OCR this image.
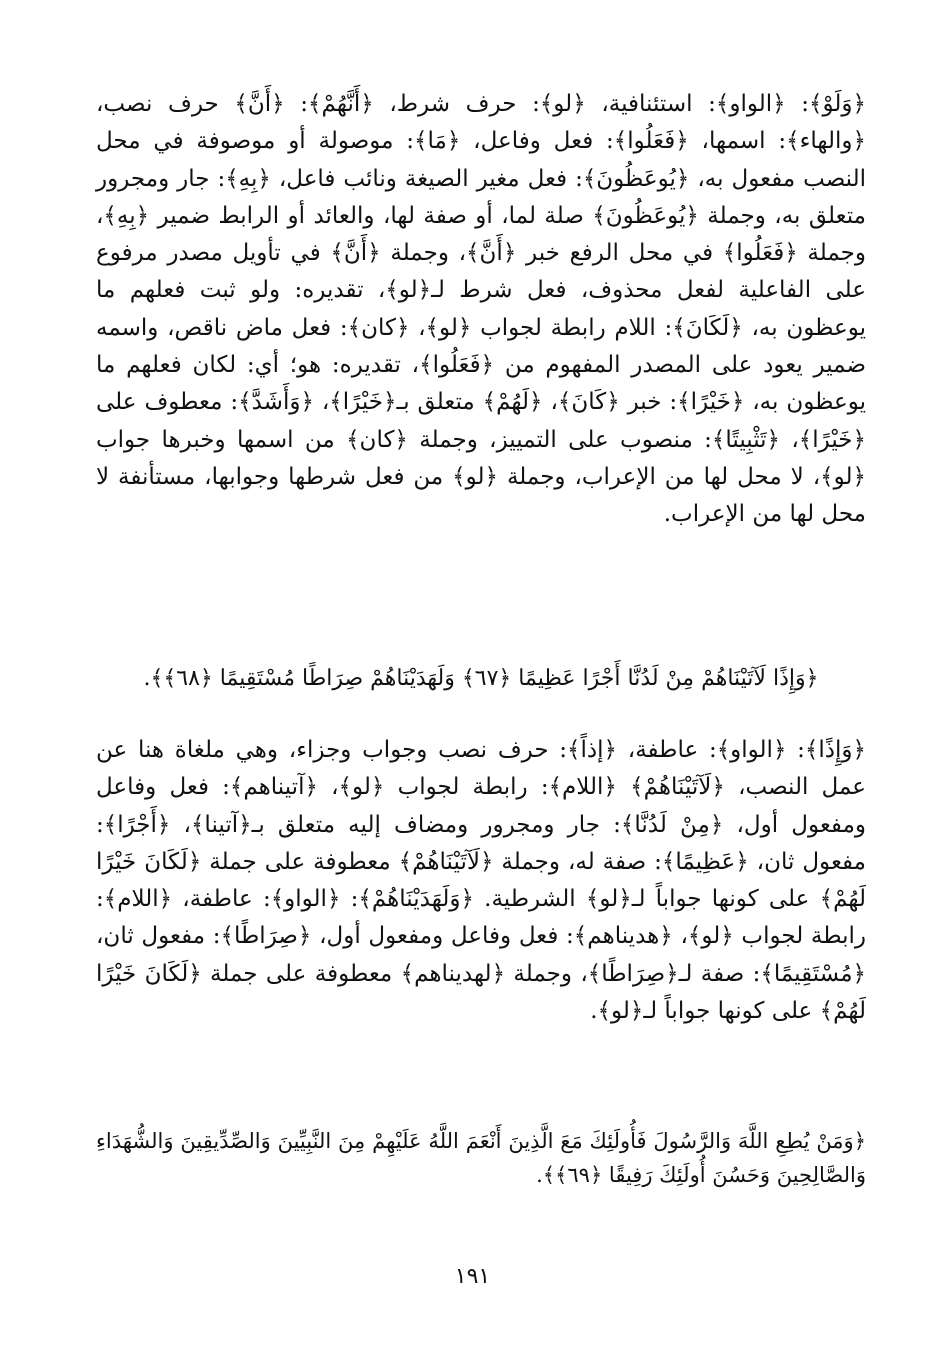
﴿وَلَوْ﴾: ﴿الواو﴾: استئنافية، ﴿لو﴾: حرف شرط، ﴿أَنَّهُمْ﴾: ﴿أَنَّ﴾ حرف نصب، ﴿والهاء﴾: اسمها، ﴿فَعَلُوا﴾: فعل وفاعل، ﴿مَا﴾: موصولة أو موصوفة في محل النصب مفعول به، ﴿يُوعَظُونَ﴾: فعل مغير الصيغة ونائب فاعل، ﴿بِهِ﴾: جار ومجرور متعلق به، وجملة ﴿يُوعَظُونَ﴾ صلة لما، أو صفة لها، والعائد أو الرابط ضمير ﴿بِهِ﴾، وجملة ﴿فَعَلُوا﴾ في محل الرفع خبر ﴿أَنَّ﴾، وجملة ﴿أَنَّ﴾ في تأويل مصدر مرفوع على الفاعلية لفعل محذوف، فعل شرط لـ﴿لو﴾، تقديره: ولو ثبت فعلهم ما يوعظون به، ﴿لَكَانَ﴾: اللام رابطة لجواب ﴿لو﴾، ﴿كان﴾: فعل ماض ناقص، واسمه ضمير يعود على المصدر المفهوم من ﴿فَعَلُوا﴾، تقديره: هو؛ أي: لكان فعلهم ما يوعظون به، ﴿خَيْرًا﴾: خبر ﴿كَانَ﴾، ﴿لَهُمْ﴾ متعلق بـ﴿خَيْرًا﴾، ﴿وَأَشَدَّ﴾: معطوف على ﴿خَيْرًا﴾، ﴿تَثْبِيتًا﴾: منصوب على التمييز، وجملة ﴿كان﴾ من اسمها وخبرها جواب ﴿لو﴾، لا محل لها من الإعراب، وجملة ﴿لو﴾ من فعل شرطها وجوابها، مستأنفة لا محل لها من الإعراب.

﴿وَإِذًا لَآتَيْنَاهُمْ مِنْ لَدُنَّا أَجْرًا عَظِيمًا ﴿٦٧﴾ وَلَهَدَيْنَاهُمْ صِرَاطًا مُسْتَقِيمًا ﴿٦٨﴾﴾.

﴿وَإِذًا﴾: ﴿الواو﴾: عاطفة، ﴿إذاً﴾: حرف نصب وجواب وجزاء، وهي ملغاة هنا عن عمل النصب، ﴿لَآتَيْنَاهُمْ﴾ ﴿اللام﴾: رابطة لجواب ﴿لو﴾، ﴿آتيناهم﴾: فعل وفاعل ومفعول أول، ﴿مِنْ لَدُنَّا﴾: جار ومجرور ومضاف إليه متعلق بـ﴿آتينا﴾، ﴿أَجْرًا﴾: مفعول ثان، ﴿عَظِيمًا﴾: صفة له، وجملة ﴿لَآتَيْنَاهُمْ﴾ معطوفة على جملة ﴿لَكَانَ خَيْرًا لَهُمْ﴾ على كونها جواباً لـ﴿لو﴾ الشرطية. ﴿وَلَهَدَيْنَاهُمْ﴾: ﴿الواو﴾: عاطفة، ﴿اللام﴾: رابطة لجواب ﴿لو﴾، ﴿هديناهم﴾: فعل وفاعل ومفعول أول، ﴿صِرَاطًا﴾: مفعول ثان، ﴿مُسْتَقِيمًا﴾: صفة لـ﴿صِرَاطًا﴾، وجملة ﴿لهديناهم﴾ معطوفة على جملة ﴿لَكَانَ خَيْرًا لَهُمْ﴾ على كونها جواباً لـ﴿لو﴾.

﴿وَمَنْ يُطِعِ اللَّهَ وَالرَّسُولَ فَأُولَئِكَ مَعَ الَّذِينَ أَنْعَمَ اللَّهُ عَلَيْهِمْ مِنَ النَّبِيِّينَ وَالصِّدِّيقِينَ وَالشُّهَدَاءِ وَالصَّالِحِينَ وَحَسُنَ أُولَئِكَ رَفِيقًا ﴿٦٩﴾﴾.

١٩١
